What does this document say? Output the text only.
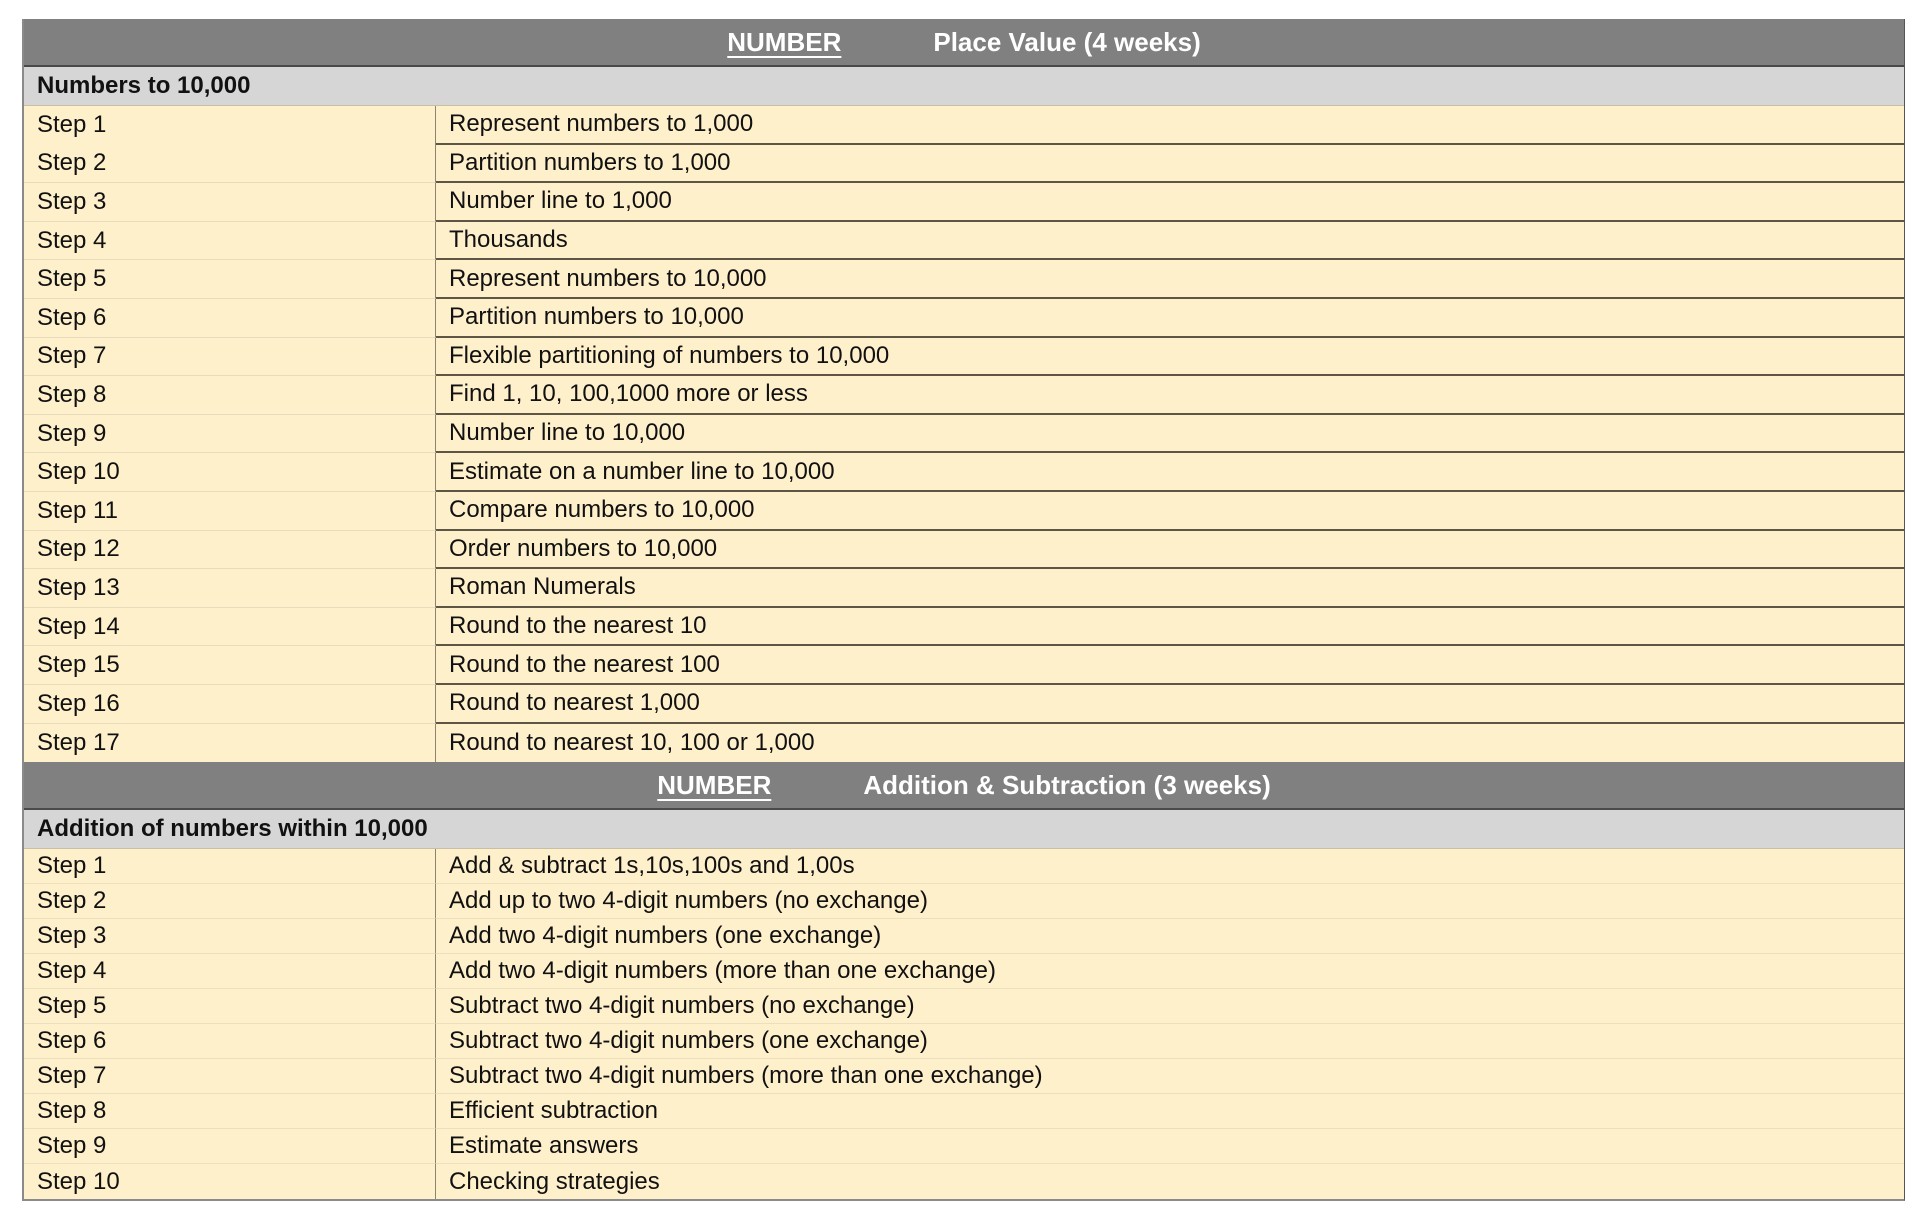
NUMBER	Place Value (4 weeks)
Numbers to 10,000
Step 1	Represent numbers to 1,000
Step 2	Partition numbers to 1,000
Step 3	Number line to 1,000
Step 4	Thousands
Step 5	Represent numbers to 10,000
Step 6	Partition numbers to 10,000
Step 7	Flexible partitioning of numbers to 10,000
Step 8	Find 1, 10, 100,1000 more or less
Step 9	Number line to 10,000
Step 10	Estimate on a number line to 10,000
Step 11	Compare numbers to 10,000
Step 12	Order numbers to 10,000
Step 13	Roman Numerals
Step 14	Round to the nearest 10
Step 15	Round to the nearest 100
Step 16	Round to nearest 1,000
Step 17	Round to nearest 10, 100 or 1,000
NUMBER	Addition & Subtraction (3 weeks)
Addition of numbers within 10,000
Step 1	Add & subtract 1s,10s,100s and 1,00s
Step 2	Add up to two 4-digit numbers (no exchange)
Step 3	Add two 4-digit numbers (one exchange)
Step 4	Add two 4-digit numbers (more than one exchange)
Step 5	Subtract two 4-digit numbers (no exchange)
Step 6	Subtract two 4-digit numbers (one exchange)
Step 7	Subtract two 4-digit numbers (more than one exchange)
Step 8	Efficient subtraction
Step 9	Estimate answers
Step 10	Checking strategies
